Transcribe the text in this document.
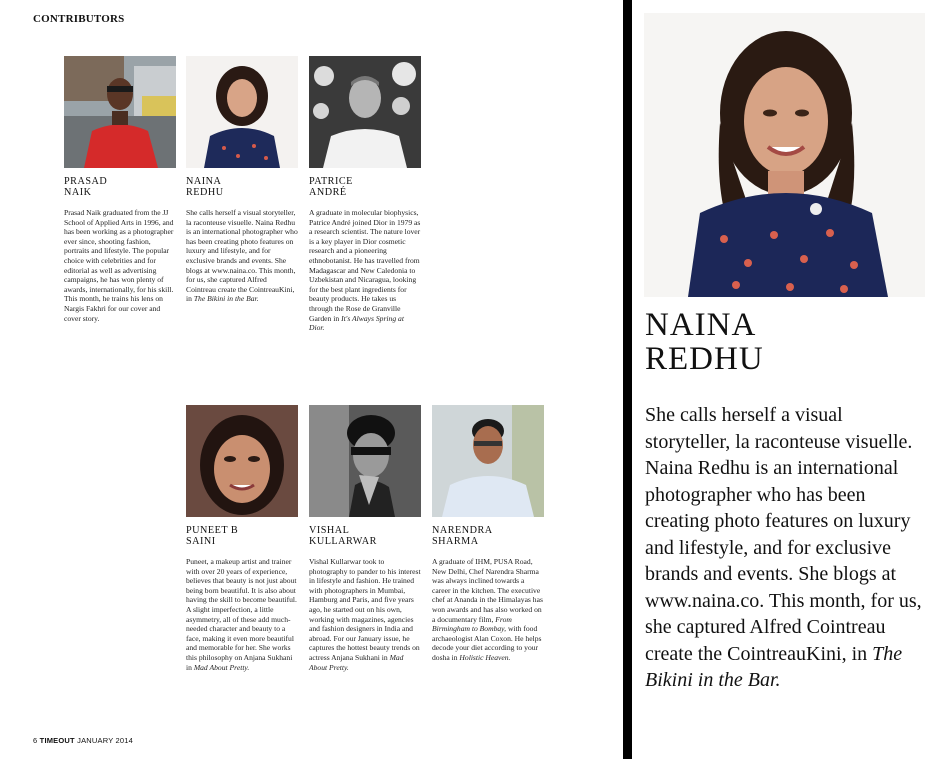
CONTRIBUTORS
PRASAD
NAIK
Prasad Naik graduated from the JJ School of Applied Arts in 1996, and has been working as a photographer ever since, shooting fashion, portraits and lifestyle. The popular choice with celebrities and for editorial as well as advertising campaigns, he has won plenty of awards, internationally, for his skill. This month, he trains his lens on Nargis Fakhri for our cover and cover story.
NAINA
REDHU
She calls herself a visual storyteller, la raconteuse visuelle. Naina Redhu is an international photographer who has been creating photo features on luxury and lifestyle, and for exclusive brands and events. She blogs at www.naina.co. This month, for us, she captured Alfred Cointreau create the CointreauKini, in The Bikini in the Bar.
PATRICE
ANDRÉ
A graduate in molecular biophysics, Patrice André joined Dior in 1979 as a research scientist. The nature lover is a key player in Dior cosmetic research and a pioneering ethnobotanist. He has travelled from Madagascar and New Caledonia to Uzbekistan and Nicaragua, looking for the best plant ingredients for beauty products. He takes us through the Rose de Granville Garden in It's Always Spring at Dior.
PUNEET B
SAINI
Puneet, a makeup artist and trainer with over 20 years of experience, believes that beauty is not just about being born beautiful. It is also about having the skill to become beautiful. A slight imperfection, a little asymmetry, all of these add much-needed character and beauty to a face, making it even more beautiful and memorable for her. She works this philosophy on Anjana Sukhani in Mad About Pretty.
VISHAL
KULLARWAR
Vishal Kullarwar took to photography to pander to his interest in lifestyle and fashion. He trained with photographers in Mumbai, Hamburg and Paris, and five years ago, he started out on his own, working with magazines, agencies and fashion designers in India and abroad. For our January issue, he captures the hottest beauty trends on actress Anjana Sukhani in Mad About Pretty.
NARENDRA
SHARMA
A graduate of IHM, PUSA Road, New Delhi, Chef Narendra Sharma was always inclined towards a career in the kitchen. The executive chef at Ananda in the Himalayas has won awards and has also worked on a documentary film, From Birmingham to Bombay, with food archaeologist Alan Coxon. He helps decode your diet according to your dosha in Holistic Heaven.
6 TIMEOUT JANUARY 2014
NAINA
REDHU
She calls herself a visual storyteller, la raconteuse visuelle. Naina Redhu is an international photographer who has been creating photo features on luxury and lifestyle, and for exclusive brands and events. She blogs at www.naina.co. This month, for us, she captured Alfred Cointreau create the CointreauKini, in The Bikini in the Bar.
